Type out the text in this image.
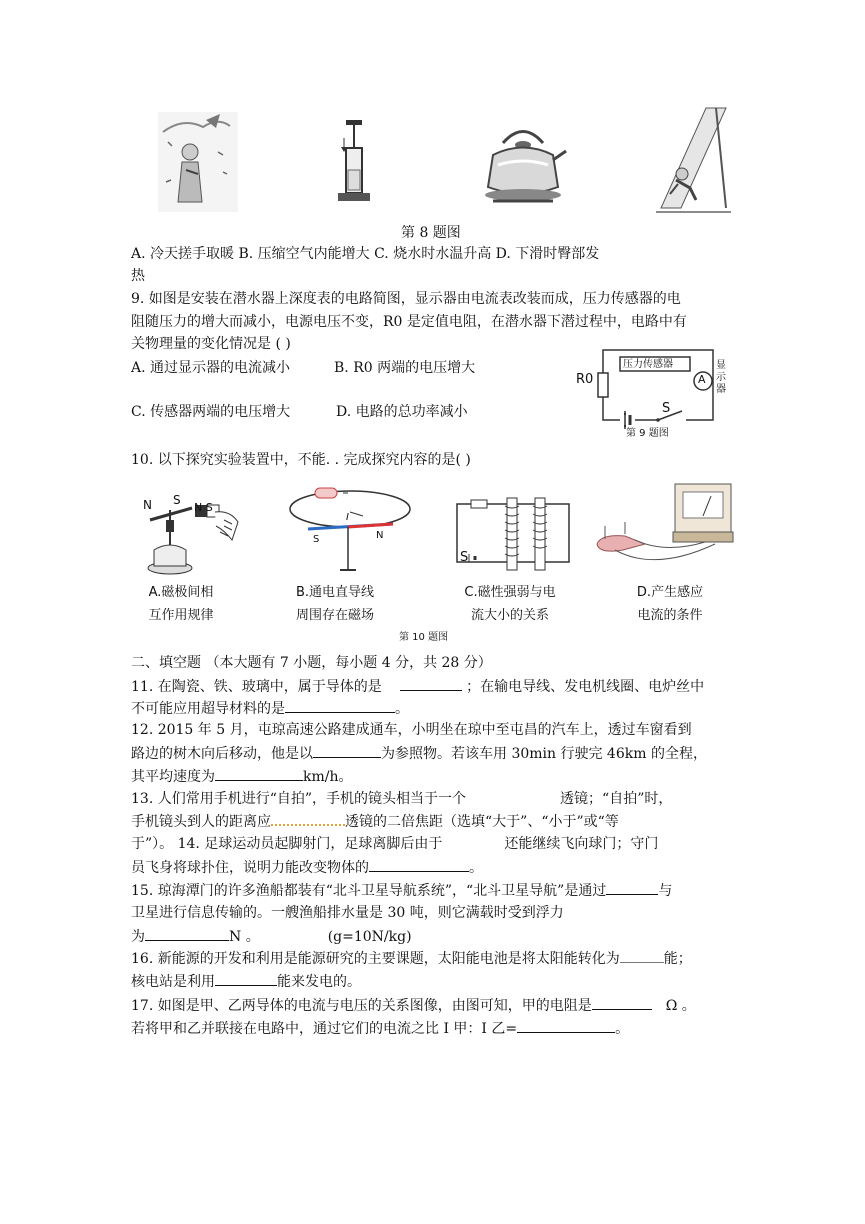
第 8 题图
A. 冷天搓手取暖 B. 压缩空气内能增大 C. 烧水时水温升高 D. 下滑时臀部发
热
9. 如图是安装在潜水器上深度表的电路简图，显示器由电流表改装而成，压力传感器的电
阻随压力的增大而减小，电源电压不变，R0 是定值电阻，在潜水器下潜过程中，电路中有
关物理量的变化情况是 ( )
A. 通过显示器的电流减小	B. R0 两端的电压增大
C. 传感器两端的电压增大	D. 电路的总功率减小
压力传感器
R0	A
显示器
S
第 9 题图
10. 以下探究实验装置中，不能. . 完成探究内容的是( )
N S
N S
S	N
I
S
A.磁极间相
互作用规律
B.通电直导线
周围存在磁场
C.磁性强弱与电
流大小的关系
D.产生感应
电流的条件
第 10 题图
二、填空题 （本大题有 7 小题，每小题 4 分，共 28 分）
11. 在陶瓷、铁、玻璃中，属于导体的是	；在输电导线、发电机线圈、电炉丝中
不可能应用超导材料的是	。
12. 2015 年 5 月，屯琼高速公路建成通车，小明坐在琼中至屯昌的汽车上，透过车窗看到
路边的树木向后移动，他是以	为参照物。若该车用 30min 行驶完 46km 的全程，
其平均速度为	km/h。
13. 人们常用手机进行“自拍”，手机的镜头相当于一个	透镜；“自拍”时，
手机镜头到人的距离应	透镜的二倍焦距（选填“大于”、“小于”或“等
于”）。 14. 足球运动员起脚射门，足球离脚后由于	还能继续飞向球门；守门
员飞身将球扑住，说明力能改变物体的	。
15. 琼海潭门的许多渔船都装有“北斗卫星导航系统”，“北斗卫星导航”是通过	与
卫星进行信息传输的。一艘渔船排水量是 30 吨，则它满载时受到浮力
为	N 。	(g=10N/kg)
16. 新能源的开发和利用是能源研究的主要课题，太阳能电池是将太阳能转化为	能；
核电站是利用	能来发电的。
17. 如图是甲、乙两导体的电流与电压的关系图像，由图可知，甲的电阻是	Ω 。
若将甲和乙并联接在电路中，通过它们的电流之比 I 甲：I 乙=	。
